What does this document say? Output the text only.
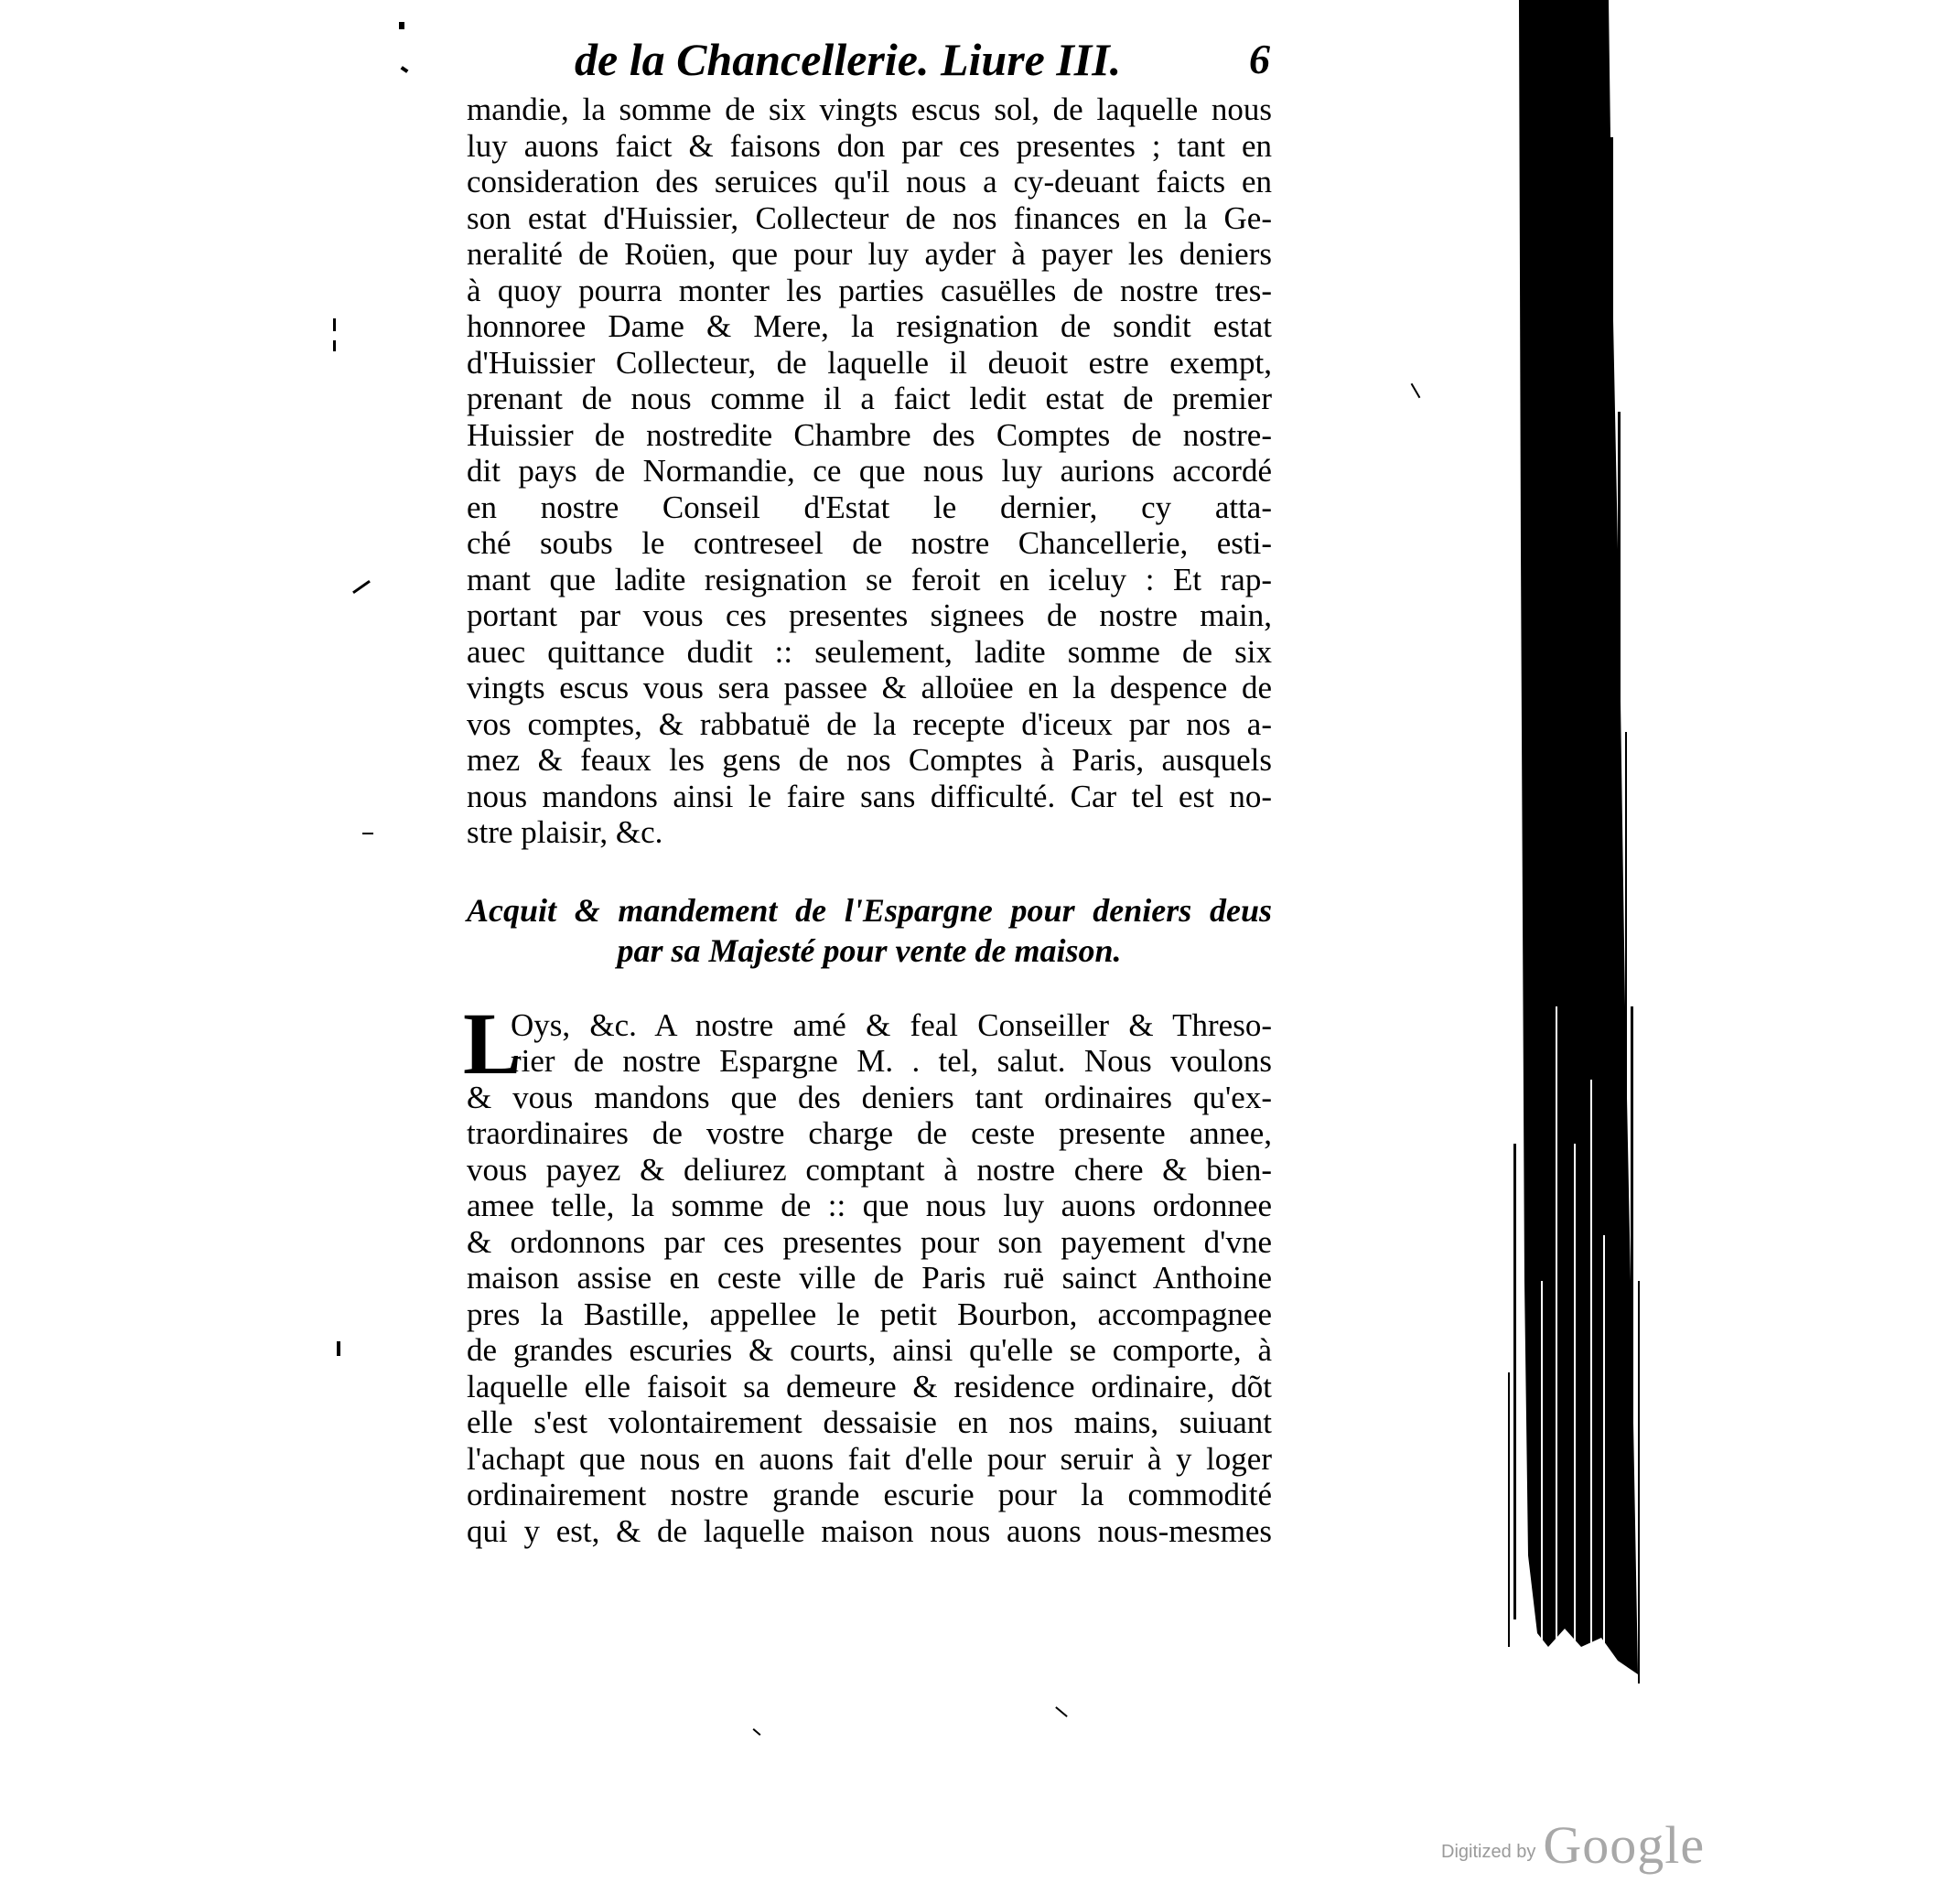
de la Chancellerie. Liure III.	6
mandie, la somme de six vingts escus sol, de laquelle nous
luy auons faict & faisons don par ces presentes ; tant en
consideration des seruices qu'il nous a cy-deuant faicts en
son estat d'Huissier, Collecteur de nos finances en la Ge-
neralité de Roüen, que pour luy ayder à payer les deniers
à quoy pourra monter les parties casuëlles de nostre tres-
honnoree Dame & Mere, la resignation de sondit estat
d'Huissier Collecteur, de laquelle il deuoit estre exempt,
prenant de nous comme il a faict ledit estat de premier
Huissier de nostredite Chambre des Comptes de nostre-
dit pays de Normandie, ce que nous luy aurions accordé
en nostre Conseil d'Estat le dernier, cy atta-
ché soubs le contreseel de nostre Chancellerie, esti-
mant que ladite resignation se feroit en iceluy : Et rap-
portant par vous ces presentes signees de nostre main,
auec quittance dudit :: seulement, ladite somme de six
vingts escus vous sera passee & alloüee en la despence de
vos comptes, & rabbatuë de la recepte d'iceux par nos a-
mez & feaux les gens de nos Comptes à Paris, ausquels
nous mandons ainsi le faire sans difficulté. Car tel est no-
stre plaisir, &c.
Acquit & mandement de l'Espargne pour deniers deus
par sa Majesté pour vente de maison.
L
Oys, &c. A nostre amé & feal Conseiller & Threso-
rier de nostre Espargne M. . tel, salut. Nous voulons
& vous mandons que des deniers tant ordinaires qu'ex-
traordinaires de vostre charge de ceste presente annee,
vous payez & deliurez comptant à nostre chere & bien-
amee telle, la somme de :: que nous luy auons ordonnee
& ordonnons par ces presentes pour son payement d'vne
maison assise en ceste ville de Paris ruë sainct Anthoine
pres la Bastille, appellee le petit Bourbon, accompagnee
de grandes escuries & courts, ainsi qu'elle se comporte, à
laquelle elle faisoit sa demeure & residence ordinaire, dõt
elle s'est volontairement dessaisie en nos mains, suiuant
l'achapt que nous en auons fait d'elle pour seruir à y loger
ordinairement nostre grande escurie pour la commodité
qui y est, & de laquelle maison nous auons nous-mesmes
Digitized by Google
